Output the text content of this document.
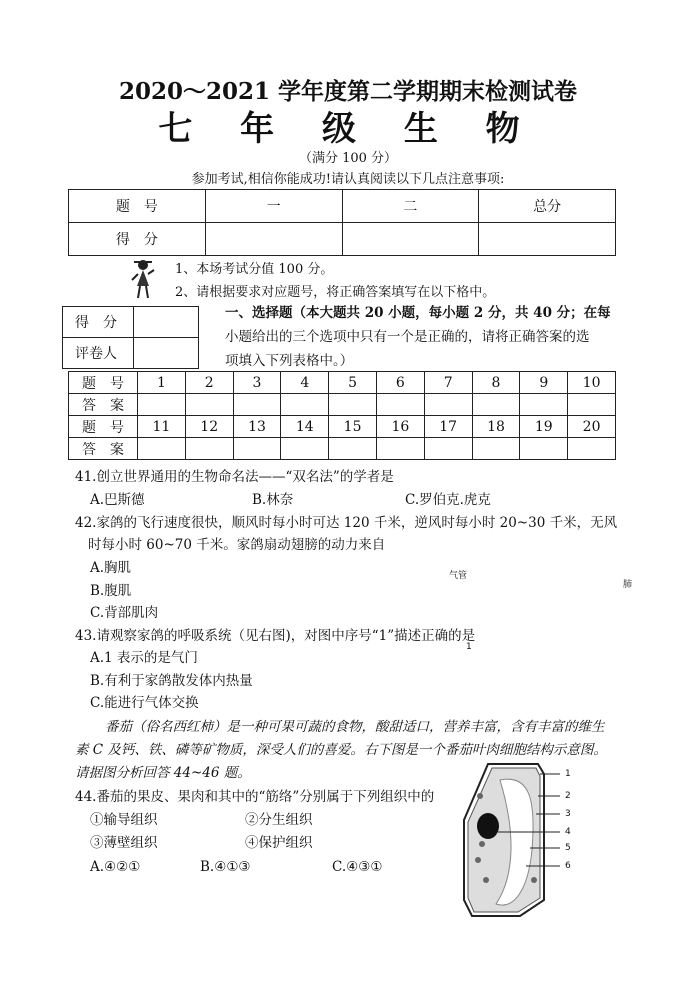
2020～2021 学年度第二学期期末检测试卷
七 年 级 生 物
（满分 100 分）
参加考试,相信你能成功!请认真阅读以下几点注意事项:
题　号	一	二	总分
得　分			
1、本场考试分值 100 分。
2、请根据要求对应题号，将正确答案填写在以下格中。
得　分	
评卷人	
一、选择题（本大题共 20 小题，每小题 2 分，共 40 分；在每
小题给出的三个选项中只有一个是正确的，请将正确答案的选
项填入下列表格中。）
题　号	1	2	3	4	5	6	7	8	9	10
答　案										
题　号	11	12	13	14	15	16	17	18	19	20
答　案										
41.创立世界通用的生物命名法——“双名法”的学者是
A.巴斯德	B.林奈	C.罗伯克.虎克
42.家鸽的飞行速度很快，顺风时每小时可达 120 千米，逆风时每小时 20~30 千米，无风
时每小时 60~70 千米。家鸽扇动翅膀的动力来自
A.胸肌
B.腹肌
C.背部肌肉
气管
肺
1
43.请观察家鸽的呼吸系统（见右图)，对图中序号“1”描述正确的是
A.1 表示的是气门
B.有利于家鸽散发体内热量
C.能进行气体交换
番茄（俗名西红柿）是一种可果可蔬的食物，酸甜适口，营养丰富，含有丰富的维生
素 C 及钙、铁、磷等矿物质，深受人们的喜爱。右下图是一个番茄叶肉细胞结构示意图。
请据图分析回答 44~46 题。
44.番茄的果皮、果肉和其中的“筋络”分别属于下列组织中的
①输导组织	②分生组织
③薄壁组织	④保护组织
A.④②①	B.④①③	C.④③①
1
2
3
4
5
6
